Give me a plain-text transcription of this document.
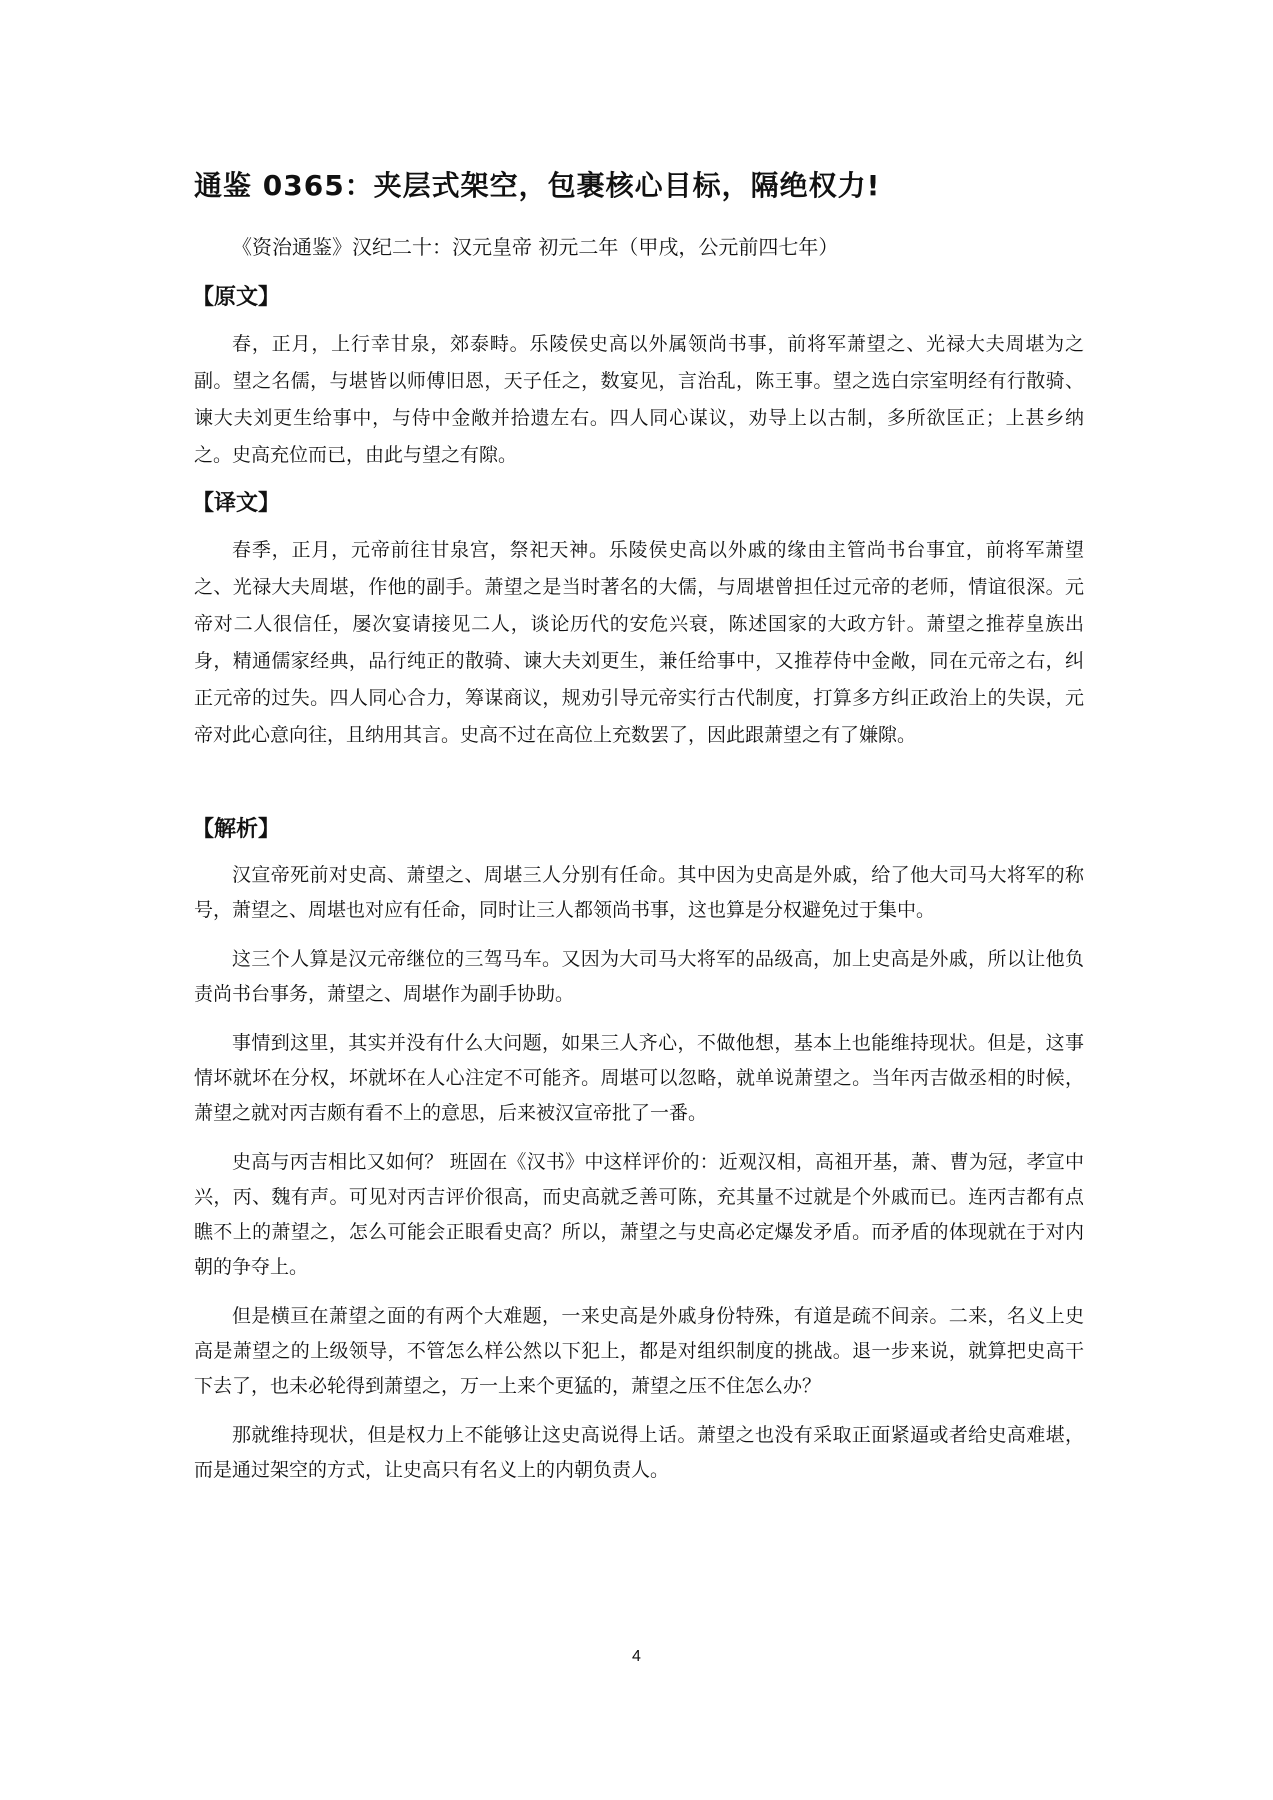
通鉴 0365：夹层式架空，包裹核心目标，隔绝权力!
《资治通鉴》汉纪二十：汉元皇帝 初元二年（甲戌，公元前四七年）
【原文】

春，正月，上行幸甘泉，郊泰畤。乐陵侯史高以外属领尚书事，前将军萧望之、光禄大夫周堪为之副。望之名儒，与堪皆以师傅旧恩，天子任之，数宴见，言治乱，陈王事。望之选白宗室明经有行散骑、谏大夫刘更生给事中，与侍中金敞并拾遗左右。四人同心谋议，劝导上以古制，多所欲匡正；上甚乡纳之。史高充位而已，由此与望之有隙。

【译文】

春季，正月，元帝前往甘泉宫，祭祀天神。乐陵侯史高以外戚的缘由主管尚书台事宜，前将军萧望之、光禄大夫周堪，作他的副手。萧望之是当时著名的大儒，与周堪曾担任过元帝的老师，情谊很深。元帝对二人很信任，屡次宴请接见二人，谈论历代的安危兴衰，陈述国家的大政方针。萧望之推荐皇族出身，精通儒家经典，品行纯正的散骑、谏大夫刘更生，兼任给事中，又推荐侍中金敞，同在元帝之右，纠正元帝的过失。四人同心合力，筹谋商议，规劝引导元帝实行古代制度，打算多方纠正政治上的失误，元帝对此心意向往，且纳用其言。史高不过在高位上充数罢了，因此跟萧望之有了嫌隙。

【解析】

汉宣帝死前对史高、萧望之、周堪三人分别有任命。其中因为史高是外戚，给了他大司马大将军的称号，萧望之、周堪也对应有任命，同时让三人都领尚书事，这也算是分权避免过于集中。

这三个人算是汉元帝继位的三驾马车。又因为大司马大将军的品级高，加上史高是外戚，所以让他负责尚书台事务，萧望之、周堪作为副手协助。

事情到这里，其实并没有什么大问题，如果三人齐心，不做他想，基本上也能维持现状。但是，这事情坏就坏在分权，坏就坏在人心注定不可能齐。周堪可以忽略，就单说萧望之。当年丙吉做丞相的时候，萧望之就对丙吉颇有看不上的意思，后来被汉宣帝批了一番。

史高与丙吉相比又如何？ 班固在《汉书》中这样评价的：近观汉相，高祖开基，萧、曹为冠，孝宣中兴，丙、魏有声。可见对丙吉评价很高，而史高就乏善可陈，充其量不过就是个外戚而已。连丙吉都有点瞧不上的萧望之，怎么可能会正眼看史高？所以，萧望之与史高必定爆发矛盾。而矛盾的体现就在于对内朝的争夺上。

但是横亘在萧望之面的有两个大难题，一来史高是外戚身份特殊，有道是疏不间亲。二来，名义上史高是萧望之的上级领导，不管怎么样公然以下犯上，都是对组织制度的挑战。退一步来说，就算把史高干下去了，也未必轮得到萧望之，万一上来个更猛的，萧望之压不住怎么办？

那就维持现状，但是权力上不能够让这史高说得上话。萧望之也没有采取正面紧逼或者给史高难堪，而是通过架空的方式，让史高只有名义上的内朝负责人。

4
